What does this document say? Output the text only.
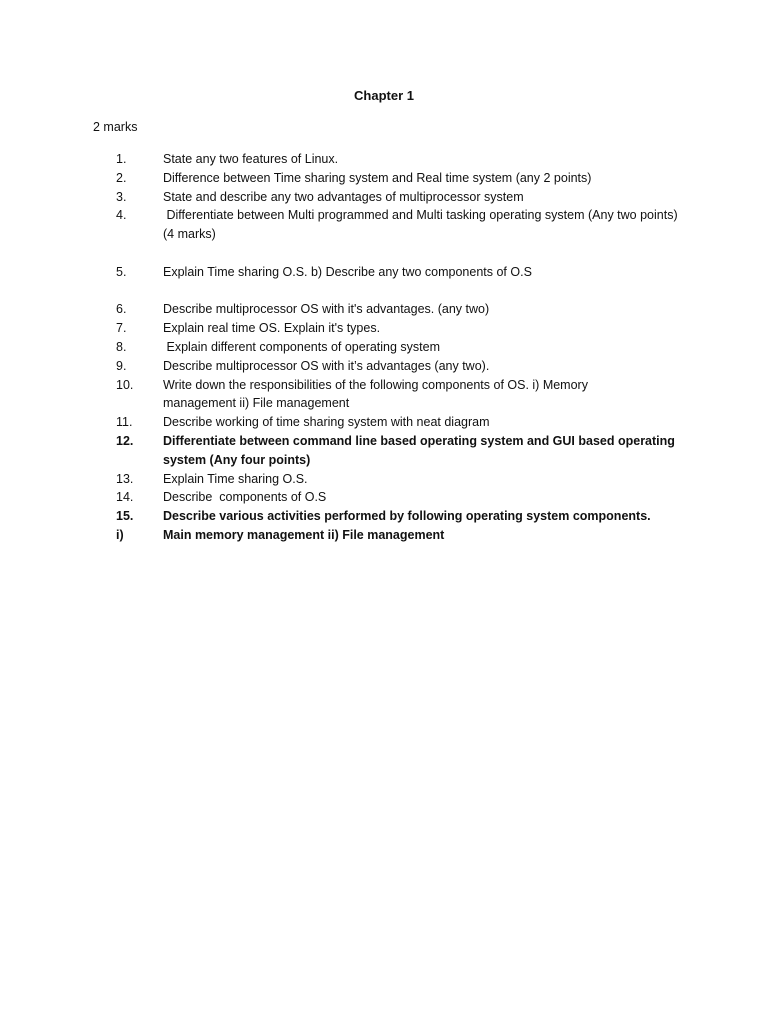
Chapter 1
2 marks
1.	State any two features of Linux.
2.	Difference between Time sharing system and Real time system (any 2 points)
3.	State and describe any two advantages of multiprocessor system
4.	Differentiate between Multi programmed and Multi tasking operating system (Any two points)
(4 marks)
5.	Explain Time sharing O.S. b) Describe any two components of O.S
6.	Describe multiprocessor OS with it's advantages. (any two)
7.	Explain real time OS. Explain it's types.
8.	Explain different components of operating system
9.	Describe multiprocessor OS with it’s advantages (any two).
10. Write down the responsibilities of the following components of OS. i) Memory management ii) File management
11. Describe working of time sharing system with neat diagram
12. Differentiate between command line based operating system and GUI based operating system (Any four points)
13. Explain Time sharing O.S.
14. Describe  components of O.S
15. Describe various activities performed by following operating system components.
i)	Main memory management ii) File management
